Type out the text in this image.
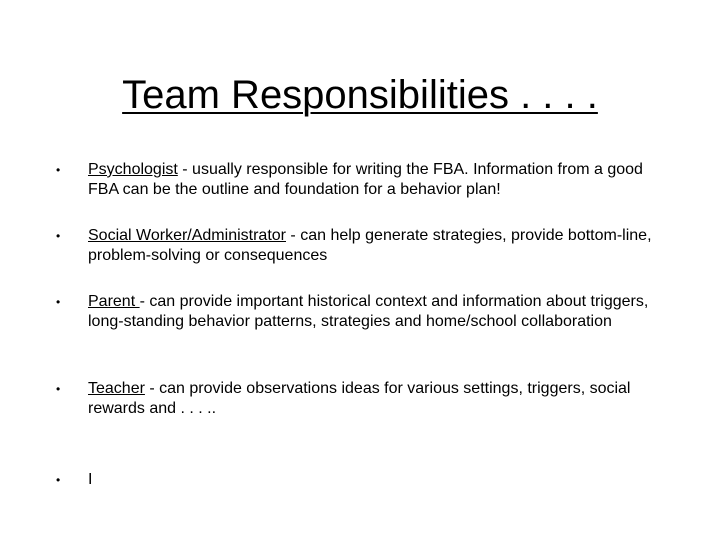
Team Responsibilities . . . .
•	Psychologist - usually responsible for writing the FBA. Information from a good FBA can be the outline and foundation for a behavior plan!
•	Social Worker/Administrator - can help generate strategies, provide bottom-line, problem-solving or consequences
•	Parent - can provide important historical context and information about triggers, long-standing behavior patterns, strategies and home/school collaboration
•	Teacher - can provide observations ideas for various settings, triggers, social rewards and . . . ..
•	I
